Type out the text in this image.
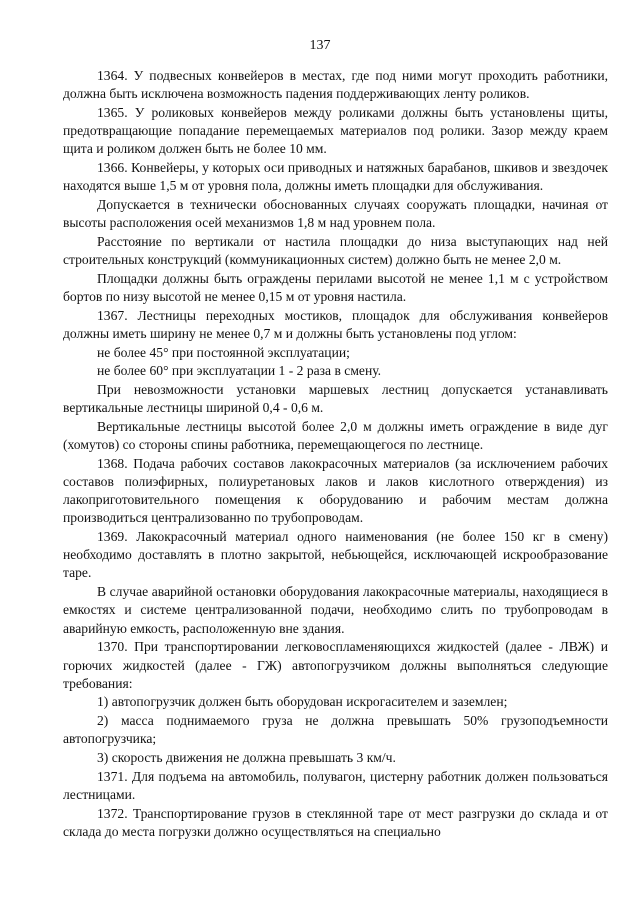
137

1364. У подвесных конвейеров в местах, где под ними могут проходить работники, должна быть исключена возможность падения поддерживающих ленту роликов.

1365. У роликовых конвейеров между роликами должны быть установлены щиты, предотвращающие попадание перемещаемых материалов под ролики. Зазор между краем щита и роликом должен быть не более 10 мм.

1366. Конвейеры, у которых оси приводных и натяжных барабанов, шкивов и звездочек находятся выше 1,5 м от уровня пола, должны иметь площадки для обслуживания.

Допускается в технически обоснованных случаях сооружать площадки, начиная от высоты расположения осей механизмов 1,8 м над уровнем пола.

Расстояние по вертикали от настила площадки до низа выступающих над ней строительных конструкций (коммуникационных систем) должно быть не менее 2,0 м.

Площадки должны быть ограждены перилами высотой не менее 1,1 м с устройством бортов по низу высотой не менее 0,15 м от уровня настила.

1367. Лестницы переходных мостиков, площадок для обслуживания конвейеров должны иметь ширину не менее 0,7 м и должны быть установлены под углом:

не более 45° при постоянной эксплуатации;

не более 60° при эксплуатации 1 - 2 раза в смену.

При невозможности установки маршевых лестниц допускается устанавливать вертикальные лестницы шириной 0,4 - 0,6 м.

Вертикальные лестницы высотой более 2,0 м должны иметь ограждение в виде дуг (хомутов) со стороны спины работника, перемещающегося по лестнице.

1368. Подача рабочих составов лакокрасочных материалов (за исключением рабочих составов полиэфирных, полиуретановых лаков и лаков кислотного отверждения) из лакоприготовительного помещения к оборудованию и рабочим местам должна производиться централизованно по трубопроводам.

1369. Лакокрасочный материал одного наименования (не более 150 кг в смену) необходимо доставлять в плотно закрытой, небьющейся, исключающей искрообразование таре.

В случае аварийной остановки оборудования лакокрасочные материалы, находящиеся в емкостях и системе централизованной подачи, необходимо слить по трубопроводам в аварийную емкость, расположенную вне здания.

1370. При транспортировании легковоспламеняющихся жидкостей (далее - ЛВЖ) и горючих жидкостей (далее - ГЖ) автопогрузчиком должны выполняться следующие требования:

1) автопогрузчик должен быть оборудован искрогасителем и заземлен;

2) масса поднимаемого груза не должна превышать 50% грузоподъемности автопогрузчика;

3) скорость движения не должна превышать 3 км/ч.

1371. Для подъема на автомобиль, полувагон, цистерну работник должен пользоваться лестницами.

1372. Транспортирование грузов в стеклянной таре от мест разгрузки до склада и от склада до места погрузки должно осуществляться на специально
